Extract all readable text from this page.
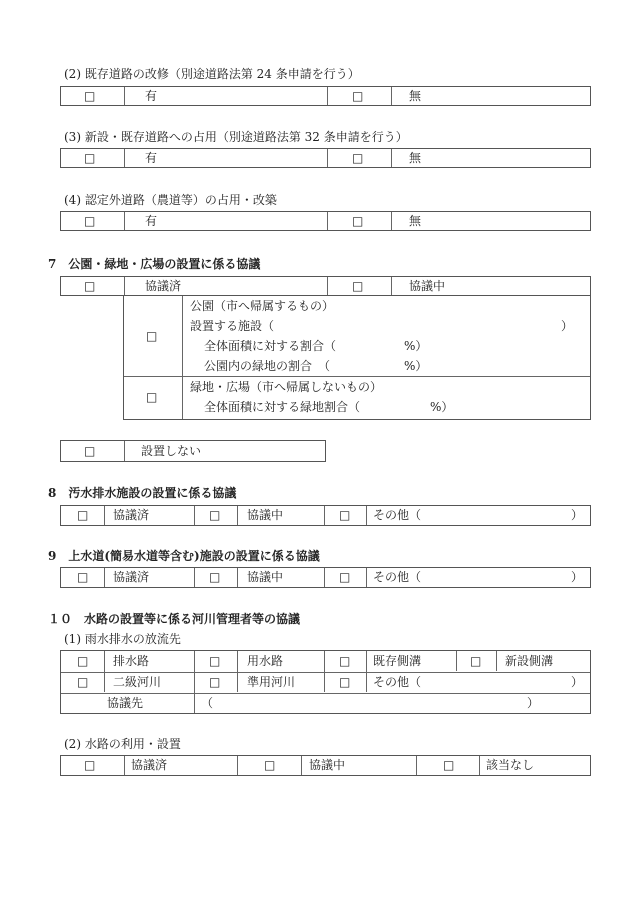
(2) 既存道路の改修（別途道路法第 24 条申請を行う）
□	有	□	無
(3) 新設・既存道路への占用（別途道路法第 32 条申請を行う）
□	有	□	無
(4) 認定外道路（農道等）の占用・改築
□	有	□	無
7　公園・緑地・広場の設置に係る協議
□	協議済	□	協議中
□
公園（市へ帰属するもの）
設置する施設（	）
全体面積に対する割合（	%）
公園内の緑地の割合　（	%）
□
緑地・広場（市へ帰属しないもの）
全体面積に対する緑地割合（	%）
□	設置しない
8　汚水排水施設の設置に係る協議
□ 協議済	□ 協議中	□ その他（	）
9　上水道(簡易水道等含む)施設の設置に係る協議
□ 協議済	□ 協議中	□ その他（	）
１０　水路の設置等に係る河川管理者等の協議
(1) 雨水排水の放流先
□ 排水路	□ 用水路	□ 既存側溝	□ 新設側溝
□ 二級河川	□ 準用河川	□ その他（	）
協議先	（	）
(2) 水路の利用・設置
□	協議済	□	協議中	□	該当なし
